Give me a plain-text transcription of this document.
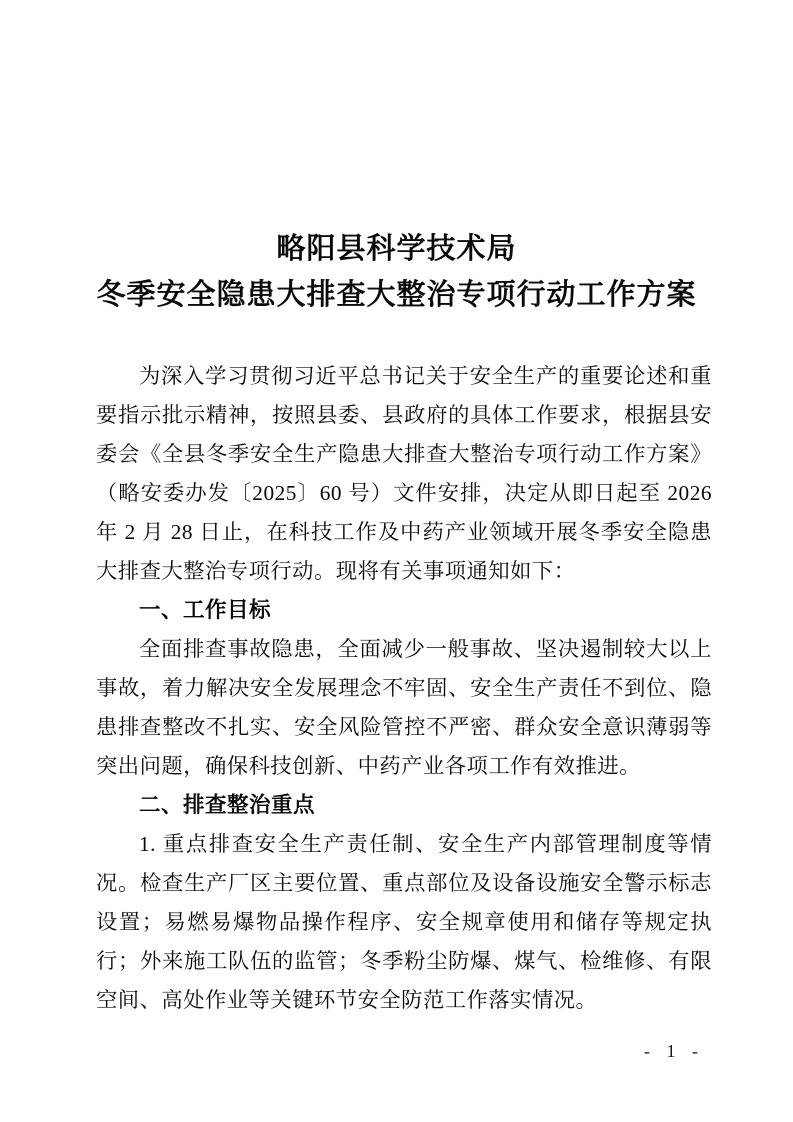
略阳县科学技术局
冬季安全隐患大排查大整治专项行动工作方案

为深入学习贯彻习近平总书记关于安全生产的重要论述和重要指示批示精神，按照县委、县政府的具体工作要求，根据县安委会《全县冬季安全生产隐患大排查大整治专项行动工作方案》（略安委办发〔2025〕60 号）文件安排，决定从即日起至 2026 年 2 月 28 日止，在科技工作及中药产业领域开展冬季安全隐患大排查大整治专项行动。现将有关事项通知如下：

一、工作目标

全面排查事故隐患，全面减少一般事故、坚决遏制较大以上事故，着力解决安全发展理念不牢固、安全生产责任不到位、隐患排查整改不扎实、安全风险管控不严密、群众安全意识薄弱等突出问题，确保科技创新、中药产业各项工作有效推进。

二、排查整治重点

1. 重点排查安全生产责任制、安全生产内部管理制度等情况。检查生产厂区主要位置、重点部位及设备设施安全警示标志设置；易燃易爆物品操作程序、安全规章使用和储存等规定执行；外来施工队伍的监管；冬季粉尘防爆、煤气、检维修、有限空间、高处作业等关键环节安全防范工作落实情况。

- 1 -
